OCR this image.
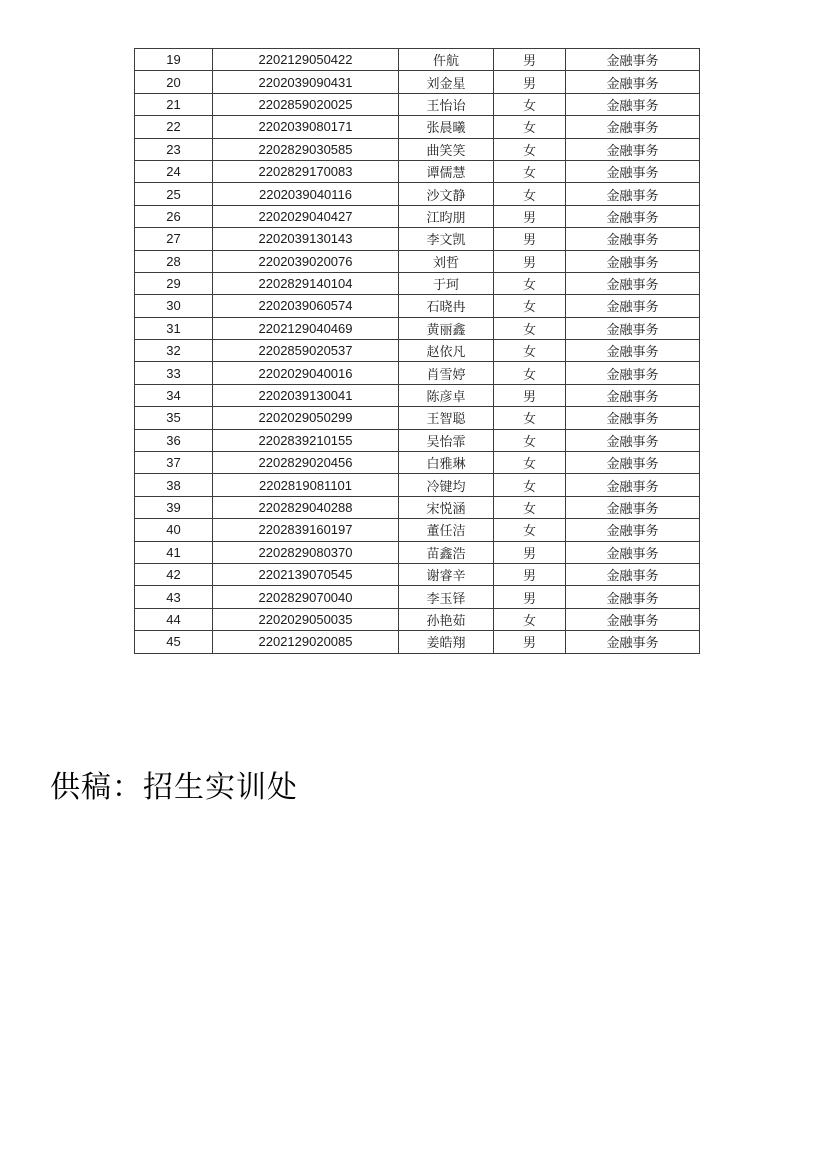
19	2202129050422	仵航	男	金融事务
20	2202039090431	刘金星	男	金融事务
21	2202859020025	王怡诒	女	金融事务
22	2202039080171	张晨曦	女	金融事务
23	2202829030585	曲笑笑	女	金融事务
24	2202829170083	谭儒慧	女	金融事务
25	2202039040116	沙文静	女	金融事务
26	2202029040427	江昀朋	男	金融事务
27	2202039130143	李文凯	男	金融事务
28	2202039020076	刘哲	男	金融事务
29	2202829140104	于珂	女	金融事务
30	2202039060574	石晓冉	女	金融事务
31	2202129040469	黄丽鑫	女	金融事务
32	2202859020537	赵依凡	女	金融事务
33	2202029040016	肖雪婷	女	金融事务
34	2202039130041	陈彦卓	男	金融事务
35	2202029050299	王智聪	女	金融事务
36	2202839210155	吴怡霏	女	金融事务
37	2202829020456	白雅琳	女	金融事务
38	2202819081101	冷键均	女	金融事务
39	2202829040288	宋悦涵	女	金融事务
40	2202839160197	董任洁	女	金融事务
41	2202829080370	苗鑫浩	男	金融事务
42	2202139070545	谢睿辛	男	金融事务
43	2202829070040	李玉铎	男	金融事务
44	2202029050035	孙艳茹	女	金融事务
45	2202129020085	姜皓翔	男	金融事务
供稿：招生实训处
